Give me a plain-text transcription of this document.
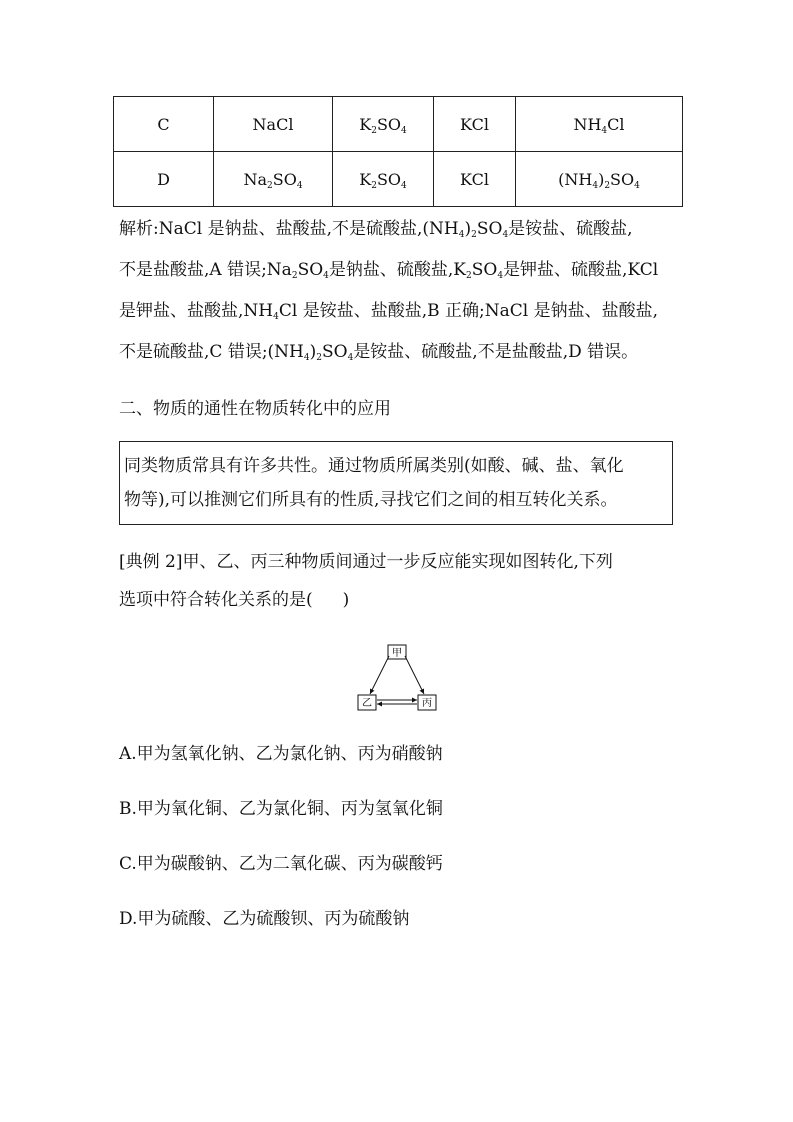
C	NaCl	$K_2SO_4$	KCl	$NH_4Cl$
D	$Na_2SO_4$	$K_2SO_4$	KCl	$(NH_4)_2SO_4$
解析:NaCl 是钠盐、盐酸盐,不是硫酸盐$,(NH_4)_2SO_4$是铵盐、硫酸盐,
不是盐酸盐,A 错误$;Na_2SO_4$是钠盐、硫酸盐$,K_2SO_4$是钾盐、硫酸盐,KCl
是钾盐、盐酸盐$,NH_4Cl$ 是铵盐、盐酸盐,B 正确;NaCl 是钠盐、盐酸盐,
不是硫酸盐,C 错误$;(NH_4)_2SO_4$是铵盐、硫酸盐,不是盐酸盐,D 错误。

二、物质的通性在物质转化中的应用

同类物质常具有许多共性。通过物质所属类别(如酸、碱、盐、氧化
物等),可以推测它们所具有的性质,寻找它们之间的相互转化关系。
[典例 2]甲、乙、丙三种物质间通过一步反应能实现如图转化,下列
选项中符合转化关系的是( )
甲
乙	丙

A.甲为氢氧化钠、乙为氯化钠、丙为硝酸钠

B.甲为氧化铜、乙为氯化铜、丙为氢氧化铜

C.甲为碳酸钠、乙为二氧化碳、丙为碳酸钙

D.甲为硫酸、乙为硫酸钡、丙为硫酸钠
